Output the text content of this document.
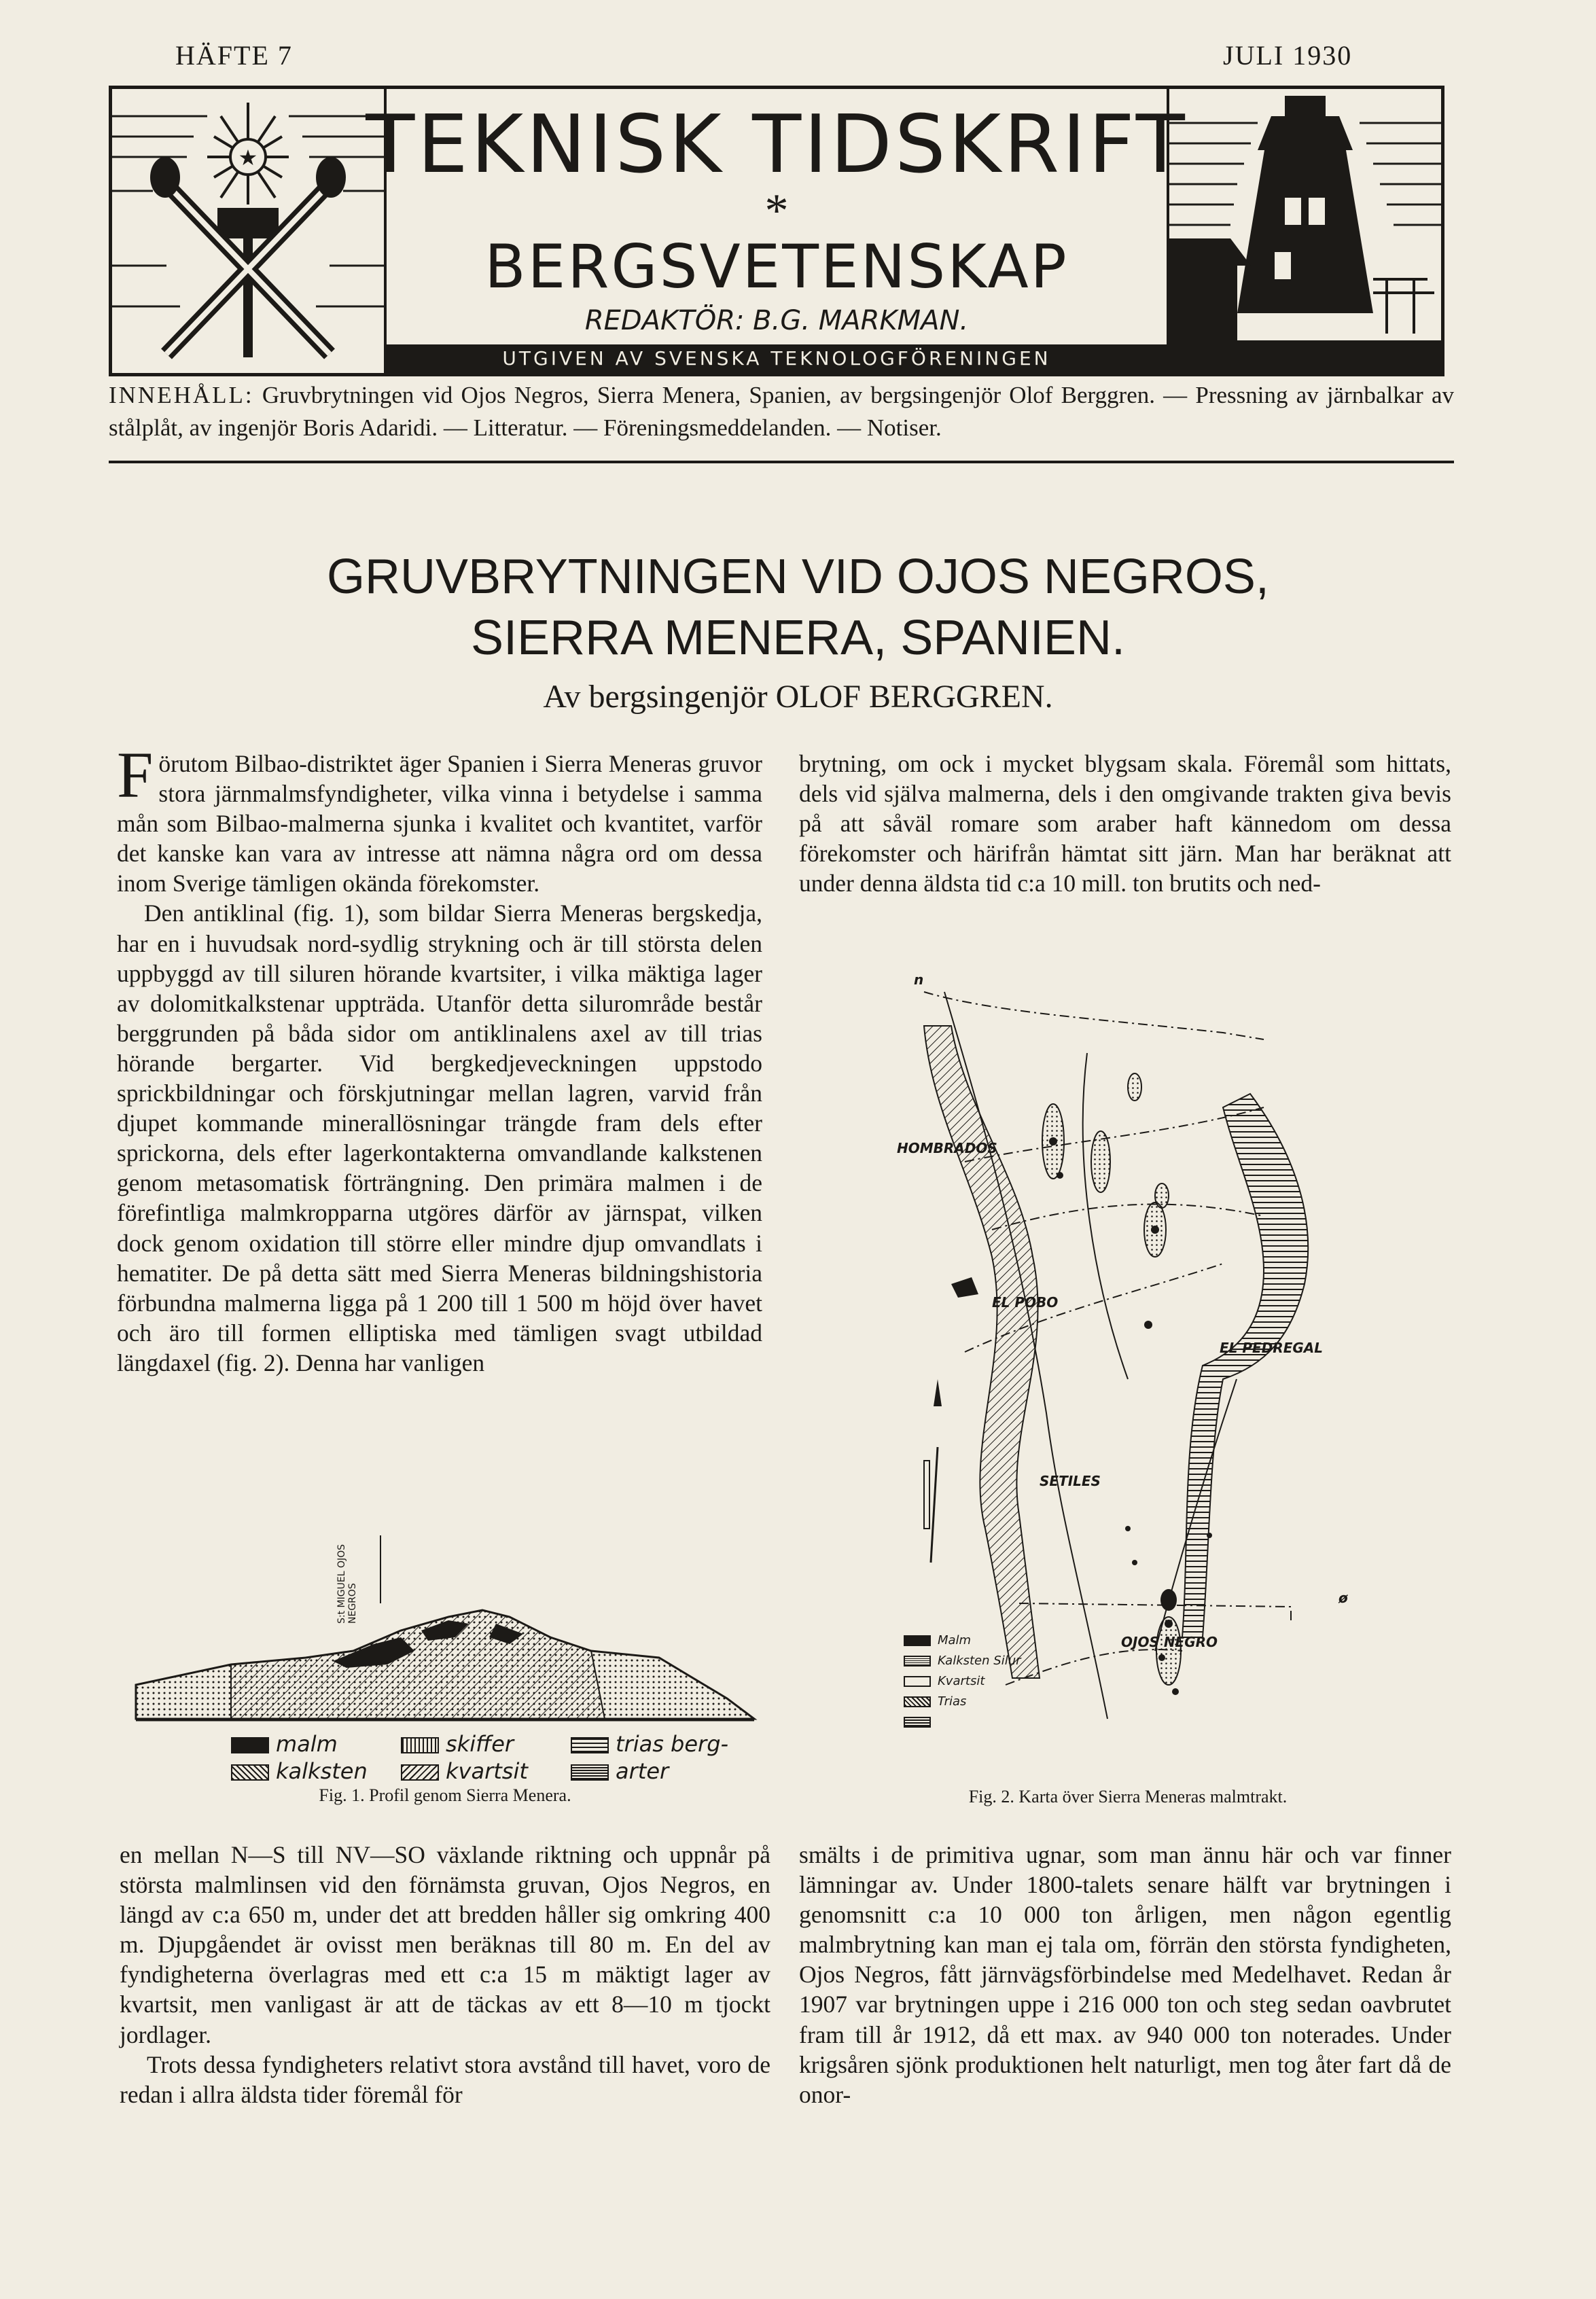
HÄFTE 7	JULI 1930
★	TEKNISK TIDSKRIFT
*
BERGSVETENSKAP
REDAKTÖR: B.G. MARKMAN.
UTGIVEN AV SVENSKA TEKNOLOGFÖRENINGEN
INNEHÅLL: Gruvbrytningen vid Ojos Negros, Sierra Menera, Spanien, av bergsingenjör Olof Berggren. — Pressning av järnbalkar av stålplåt, av ingenjör Boris Adaridi. — Litteratur. — Föreningsmeddelanden. — Notiser.
GRUVBRYTNINGEN VID OJOS NEGROS,
SIERRA MENERA, SPANIEN.
Av bergsingenjör OLOF BERGGREN.

Förutom Bilbao-distriktet äger Spanien i Sierra Meneras gruvor stora järnmalmsfyndigheter, vilka vinna i betydelse i samma mån som Bilbao-malmerna sjunka i kvalitet och kvantitet, varför det kanske kan vara av intresse att nämna några ord om dessa inom Sverige tämligen okända förekomster.

Den antiklinal (fig. 1), som bildar Sierra Meneras bergskedja, har en i huvudsak nord-sydlig strykning och är till största delen uppbyggd av till siluren hörande kvartsiter, i vilka mäktiga lager av dolomitkalkstenar uppträda. Utanför detta silurområde består berggrunden på båda sidor om antiklinalens axel av till trias hörande bergarter. Vid bergkedjeveckningen uppstodo sprickbildningar och förskjutningar mellan lagren, varvid från djupet kommande minerallösningar trängde fram dels efter sprickorna, dels efter lagerkontakterna omvandlande kalkstenen genom metasomatisk förträngning. Den primära malmen i de förefintliga malmkropparna utgöres därför av järnspat, vilken dock genom oxidation till större eller mindre djup omvandlats i hematiter. De på detta sätt med Sierra Meneras bildningshistoria förbundna malmerna ligga på 1 200 till 1 500 m höjd över havet och äro till formen elliptiska med tämligen svagt utbildad längdaxel (fig. 2). Denna har vanligen

brytning, om ock i mycket blygsam skala. Föremål som hittats, dels vid själva malmerna, dels i den omgivande trakten giva bevis på att såväl romare som araber haft kännedom om dessa förekomster och härifrån hämtat sitt järn. Man har beräknat att under denna äldsta tid c:a 10 mill. ton brutits och ned-
S:t MIGUEL OJOS NEGROS
malm
kalksten
skiffer
kvartsit
trias berg-
arter
Fig. 1. Profil genom Sierra Menera.
n
ø
HOMBRADOS
EL POBO
EL PEDREGAL
SETILES
OJOS NEGRO
Malm
Kalksten Silur
Kvartsit
Trias
Fig. 2. Karta över Sierra Meneras malmtrakt.

en mellan N—S till NV—SO växlande riktning och uppnår på största malmlinsen vid den förnämsta gruvan, Ojos Negros, en längd av c:a 650 m, under det att bredden håller sig omkring 400 m. Djupgåendet är ovisst men beräknas till 80 m. En del av fyndigheterna överlagras med ett c:a 15 m mäktigt lager av kvartsit, men vanligast är att de täckas av ett 8—10 m tjockt jordlager.

Trots dessa fyndigheters relativt stora avstånd till havet, voro de redan i allra äldsta tider föremål för

smälts i de primitiva ugnar, som man ännu här och var finner lämningar av. Under 1800-talets senare hälft var brytningen i genomsnitt c:a 10 000 ton årligen, men någon egentlig malmbrytning kan man ej tala om, förrän den största fyndigheten, Ojos Negros, fått järnvägsförbindelse med Medelhavet. Redan år 1907 var brytningen uppe i 216 000 ton och steg sedan oavbrutet fram till år 1912, då ett max. av 940 000 ton noterades. Under krigsåren sjönk produktionen helt naturligt, men tog åter fart då de onor-
